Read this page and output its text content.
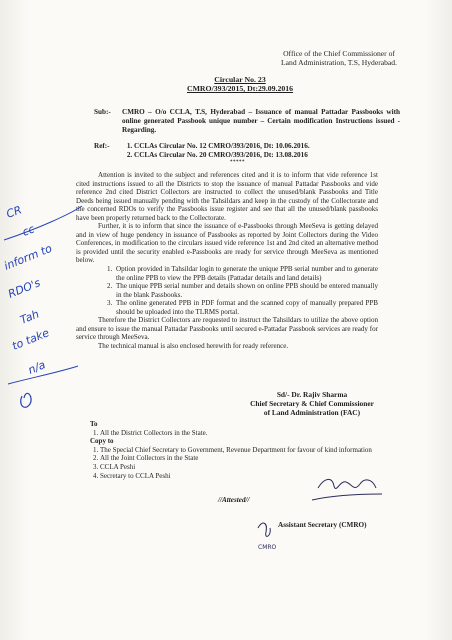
Office of the Chief Commissioner of
Land Administration, T.S, Hyderabad.
Circular No. 23
CMRO/393/2015, Dt:29.09.2016
Sub:-	CMRO – O/o CCLA, T.S, Hyderabad – Issuance of manual Pattadar Passbooks with online generated Passbook unique number – Certain modification Instructions issued - Regarding.
Ref:-
1.	CCLAs Circular No. 12 CMRO/393/2016, Dt: 10.06.2016.
2. CCLAs Circular No. 20 CMRO/393/2016, Dt: 13.08.2016
*****

Attention is invited to the subject and references cited and it is to inform that vide reference 1st cited instructions issued to all the Districts to stop the issuance of manual Pattadar Passbooks and vide reference 2nd cited District Collectors are instructed to collect the unused/blank Passbooks and Title Deeds being issued manually pending with the Tahsildars and keep in the custody of the Collectorate and the concerned RDOs to verify the Passbooks issue register and see that all the unused/blank passbooks have been properly returned back to the Collectorate.

Further, it is to inform that since the issuance of e-Passbooks through MeeSeva is getting delayed and in view of huge pendency in issuance of Passbooks as reported by Joint Collectors during the Video Conferences, in modification to the circulars issued vide reference 1st and 2nd cited an alternative method is provided until the security enabled e-Passbooks are ready for service through MeeSeva as mentioned below.

1. Option provided in Tahsildar login to generate the unique PPB serial number and to generate the online PPB to view the PPB details (Pattadar details and land details)
2. The unique PPB serial number and details shown on online PPB should be entered manually in the blank Passbooks.
3. The online generated PPB in PDF format and the scanned copy of manually prepared PPB should be uploaded into the TLRMS portal.

Therefore the District Collectors are requested to instruct the Tahsildars to utilize the above option and ensure to issue the manual Pattadar Passbooks until secured e-Pattadar Passbook services are ready for service through MeeSeva.

The technical manual is also enclosed herewith for ready reference.

Sd/- Dr. Rajiv Sharma
Chief Secretary & Chief Commissioner
of Land Administration (FAC)
To
1. All the District Collectors in the State.
Copy to
1. The Special Chief Secretary to Government, Revenue Department for favour of kind information
2. All the Joint Collectors in the State
3. CCLA Peshi
4. Secretary to CCLA Peshi
//Attested//
Assistant Secretary (CMRO)
CR
cc
inform to
RDO's
Tah
to take
n/a
CMRO
